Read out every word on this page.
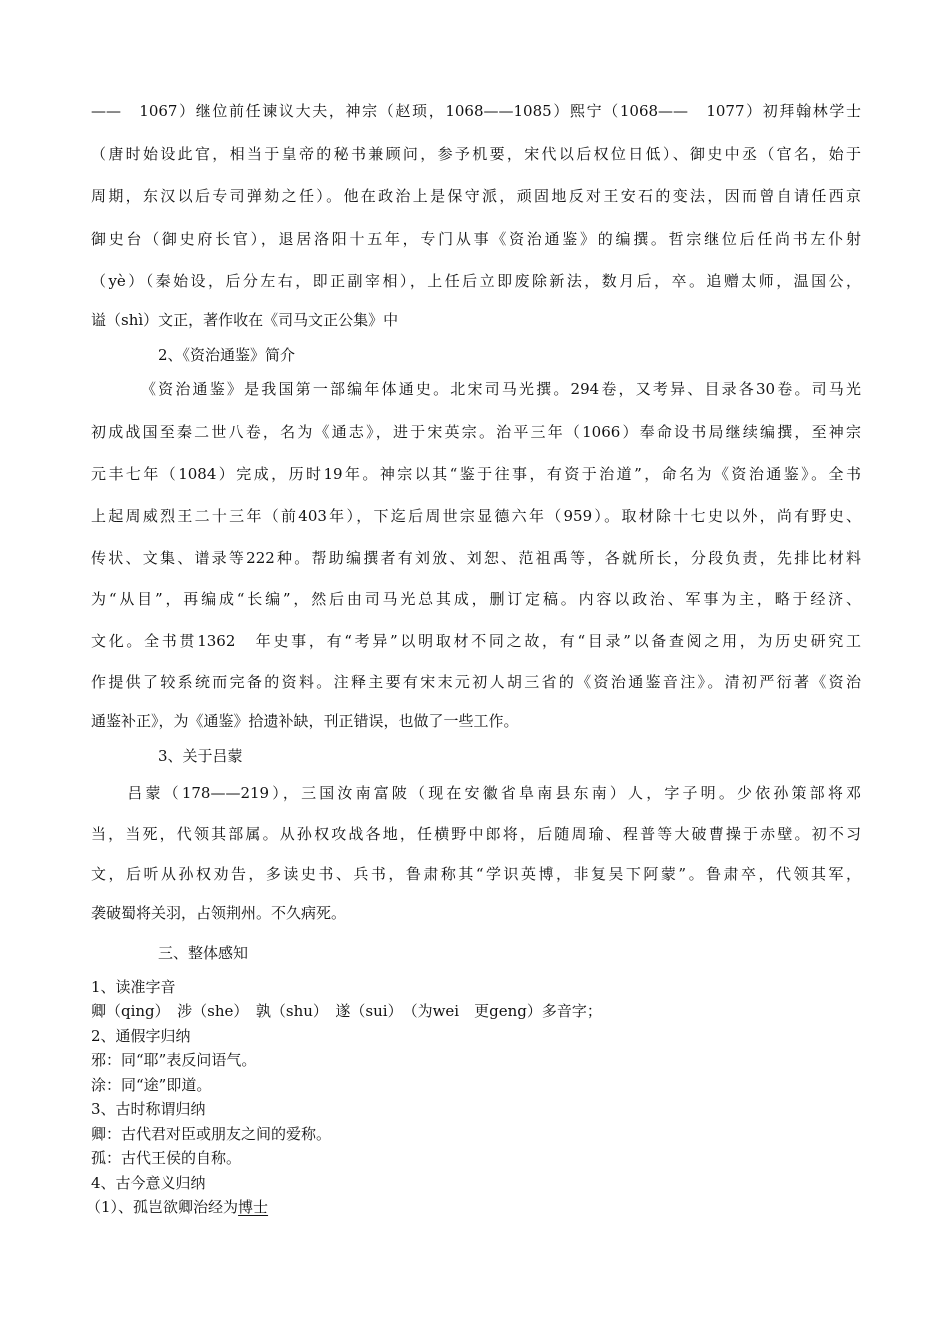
——　1067）继位前任谏议大夫，神宗（赵顼，1068——1085）熙宁（1068——　1077）初拜翰林学士
（唐时始设此官，相当于皇帝的秘书兼顾问，参予机要，宋代以后权位日低）、御史中丞（官名，始于
周期，东汉以后专司弹劾之任）。他在政治上是保守派，顽固地反对王安石的变法，因而曾自请任西京
御史台（御史府长官），退居洛阳十五年，专门从事《资治通鉴》的编撰。哲宗继位后任尚书左仆射
（yè）（秦始设，后分左右，即正副宰相），上任后立即废除新法，数月后，卒。追赠太师，温国公，
谥（shì）文正，著作收在《司马文正公集》中
2、《资治通鉴》简介
《资治通鉴》是我国第一部编年体通史。北宋司马光撰。294卷，又考异、目录各30卷。司马光
初成战国至秦二世八卷，名为《通志》，进于宋英宗。治平三年（1066）奉命设书局继续编撰，至神宗
元丰七年（1084）完成，历时19年。神宗以其“鉴于往事，有资于治道”，命名为《资治通鉴》。全书
上起周威烈王二十三年（前403年），下迄后周世宗显德六年（959）。取材除十七史以外，尚有野史、
传状、文集、谱录等222种。帮助编撰者有刘攽、刘恕、范祖禹等，各就所长，分段负责，先排比材料
为“从目”，再编成“长编”，然后由司马光总其成，删订定稿。内容以政治、军事为主，略于经济、
文化。全书贯1362　年史事，有“考异”以明取材不同之故，有“目录”以备查阅之用，为历史研究工
作提供了较系统而完备的资料。注释主要有宋末元初人胡三省的《资治通鉴音注》。清初严衍著《资治
通鉴补正》，为《通鉴》拾遗补缺，刊正错误，也做了一些工作。
3、关于吕蒙
　　吕蒙（178——219），三国汝南富陂（现在安徽省阜南县东南）人，字子明。少依孙策部将邓
当，当死，代领其部属。从孙权攻战各地，任横野中郎将，后随周瑜、程普等大破曹操于赤壁。初不习
文，后听从孙权劝告，多读史书、兵书，鲁肃称其“学识英博，非复吴下阿蒙”。鲁肃卒，代领其军，
袭破蜀将关羽，占领荆州。不久病死。
三、整体感知
1、读准字音
卿（qing）　涉（she）　孰（shu）　遂（sui）　（为wei　更geng）多音字；
2、通假字归纳
邪：同“耶”表反问语气。
涂：同“途”即道。
3、古时称谓归纳
卿：古代君对臣或朋友之间的爱称。
孤：古代王侯的自称。
4、古今意义归纳
（1）、孤岂欲卿治经为博士
